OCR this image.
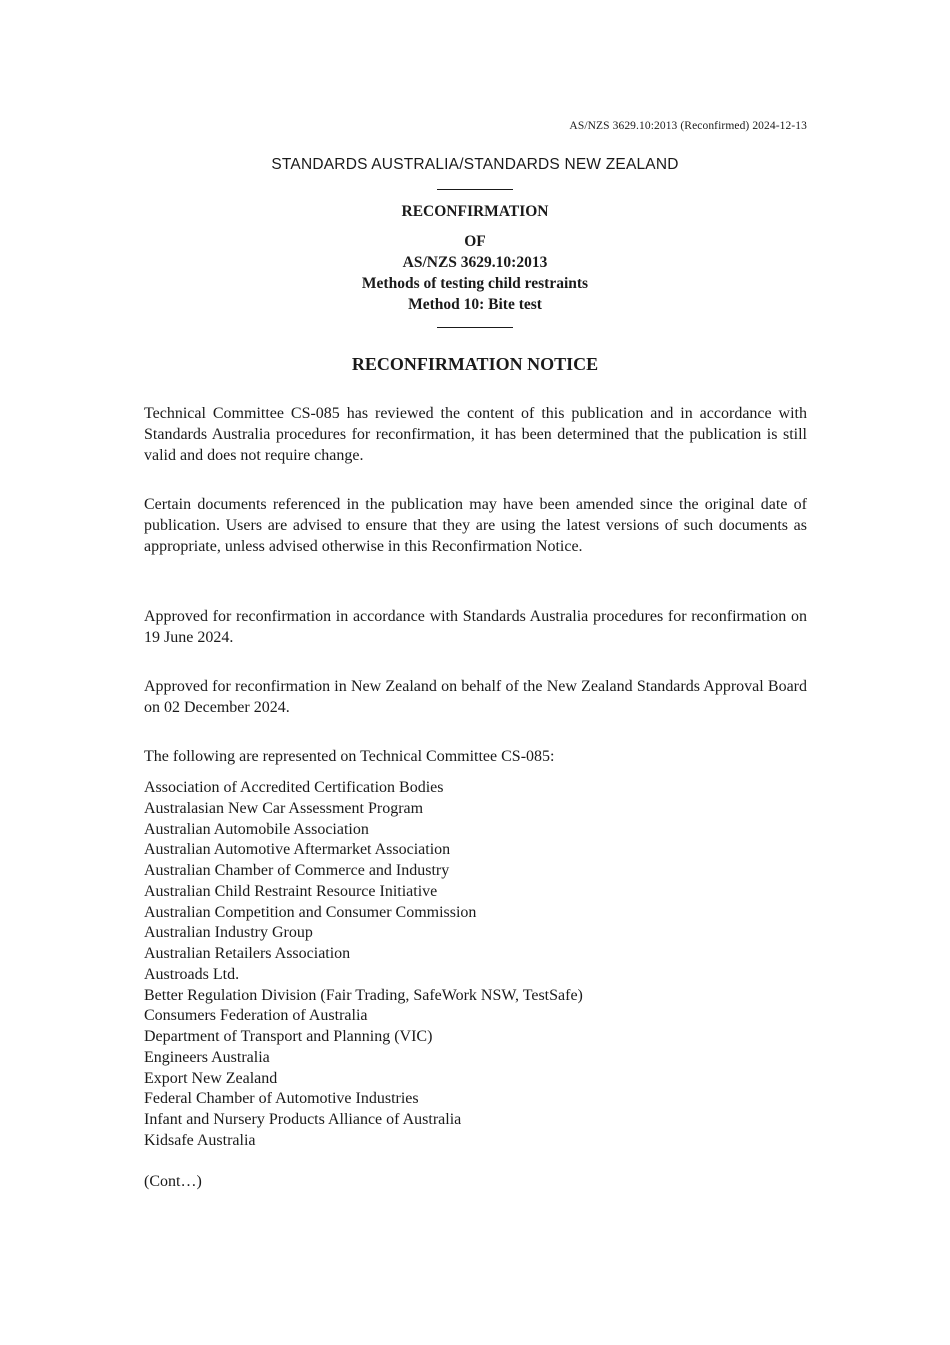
AS/NZS 3629.10:2013 (Reconfirmed) 2024-12-13
STANDARDS AUSTRALIA/STANDARDS NEW ZEALAND
RECONFIRMATION
OF
AS/NZS 3629.10:2013
Methods of testing child restraints
Method 10: Bite test
RECONFIRMATION NOTICE

Technical Committee CS-085 has reviewed the content of this publication and in accordance with Standards Australia procedures for reconfirmation, it has been determined that the publication is still valid and does not require change.

Certain documents referenced in the publication may have been amended since the original date of publication. Users are advised to ensure that they are using the latest versions of such documents as appropriate, unless advised otherwise in this Reconfirmation Notice.

Approved for reconfirmation in accordance with Standards Australia procedures for reconfirmation on 19 June 2024.

Approved for reconfirmation in New Zealand on behalf of the New Zealand Standards Approval Board on 02 December 2024.

The following are represented on Technical Committee CS-085:

Association of Accredited Certification Bodies
Australasian New Car Assessment Program
Australian Automobile Association
Australian Automotive Aftermarket Association
Australian Chamber of Commerce and Industry
Australian Child Restraint Resource Initiative
Australian Competition and Consumer Commission
Australian Industry Group
Australian Retailers Association
Austroads Ltd.
Better Regulation Division (Fair Trading, SafeWork NSW, TestSafe)
Consumers Federation of Australia
Department of Transport and Planning (VIC)
Engineers Australia
Export New Zealand
Federal Chamber of Automotive Industries
Infant and Nursery Products Alliance of Australia
Kidsafe Australia
(Cont…)
